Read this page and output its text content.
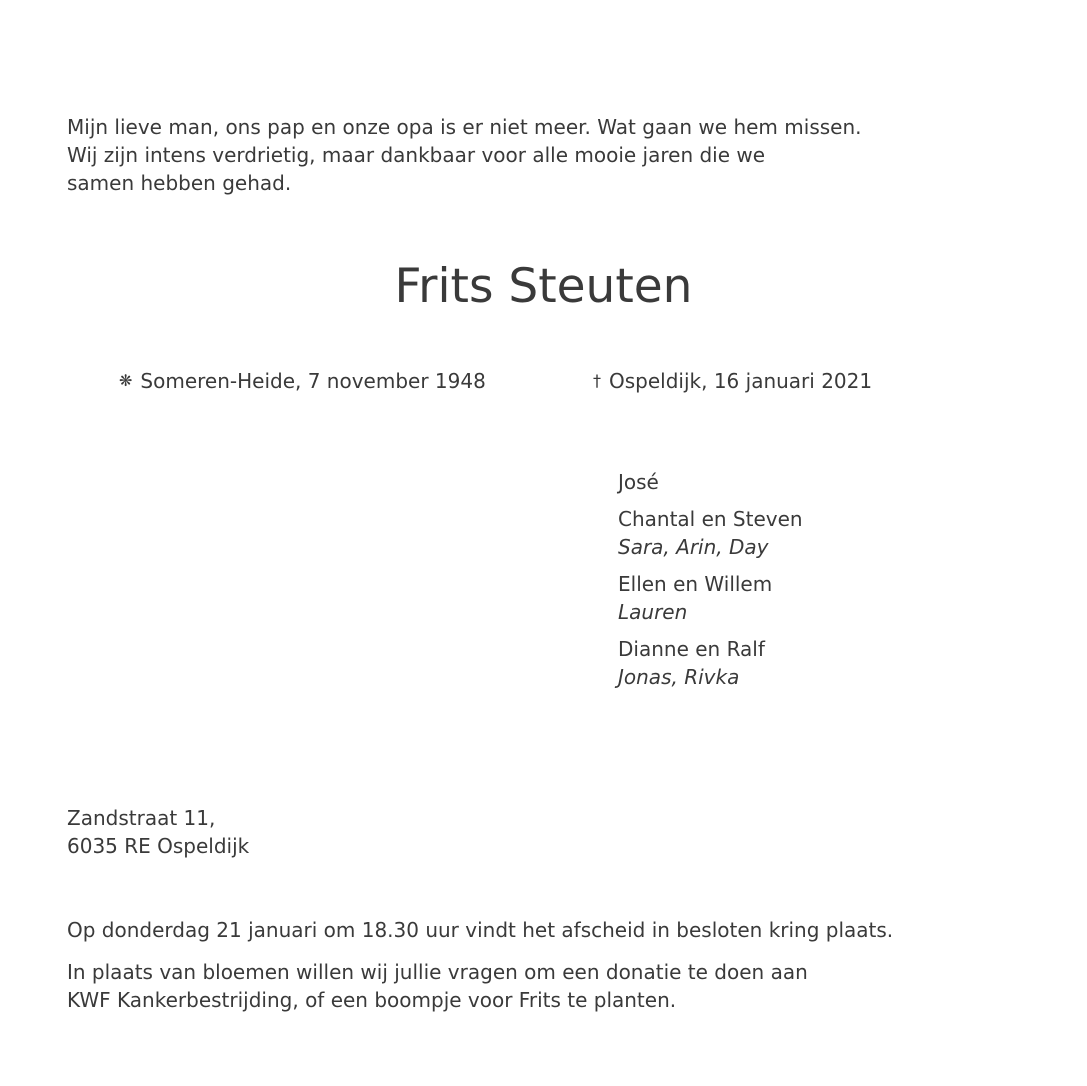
Mijn lieve man, ons pap en onze opa is er niet meer. Wat gaan we hem missen.
Wij zijn intens verdrietig, maar dankbaar voor alle mooie jaren die we
samen hebben gehad.
Frits Steuten
❋ Someren-Heide, 7 november 1948	† Ospeldijk, 16 januari 2021
José
Chantal en Steven
Sara, Arin, Day
Ellen en Willem
Lauren
Dianne en Ralf
Jonas, Rivka
Zandstraat 11,
6035 RE Ospeldijk
Op donderdag 21 januari om 18.30 uur vindt het afscheid in besloten kring plaats.
In plaats van bloemen willen wij jullie vragen om een donatie te doen aan
KWF Kankerbestrijding, of een boompje voor Frits te planten.
